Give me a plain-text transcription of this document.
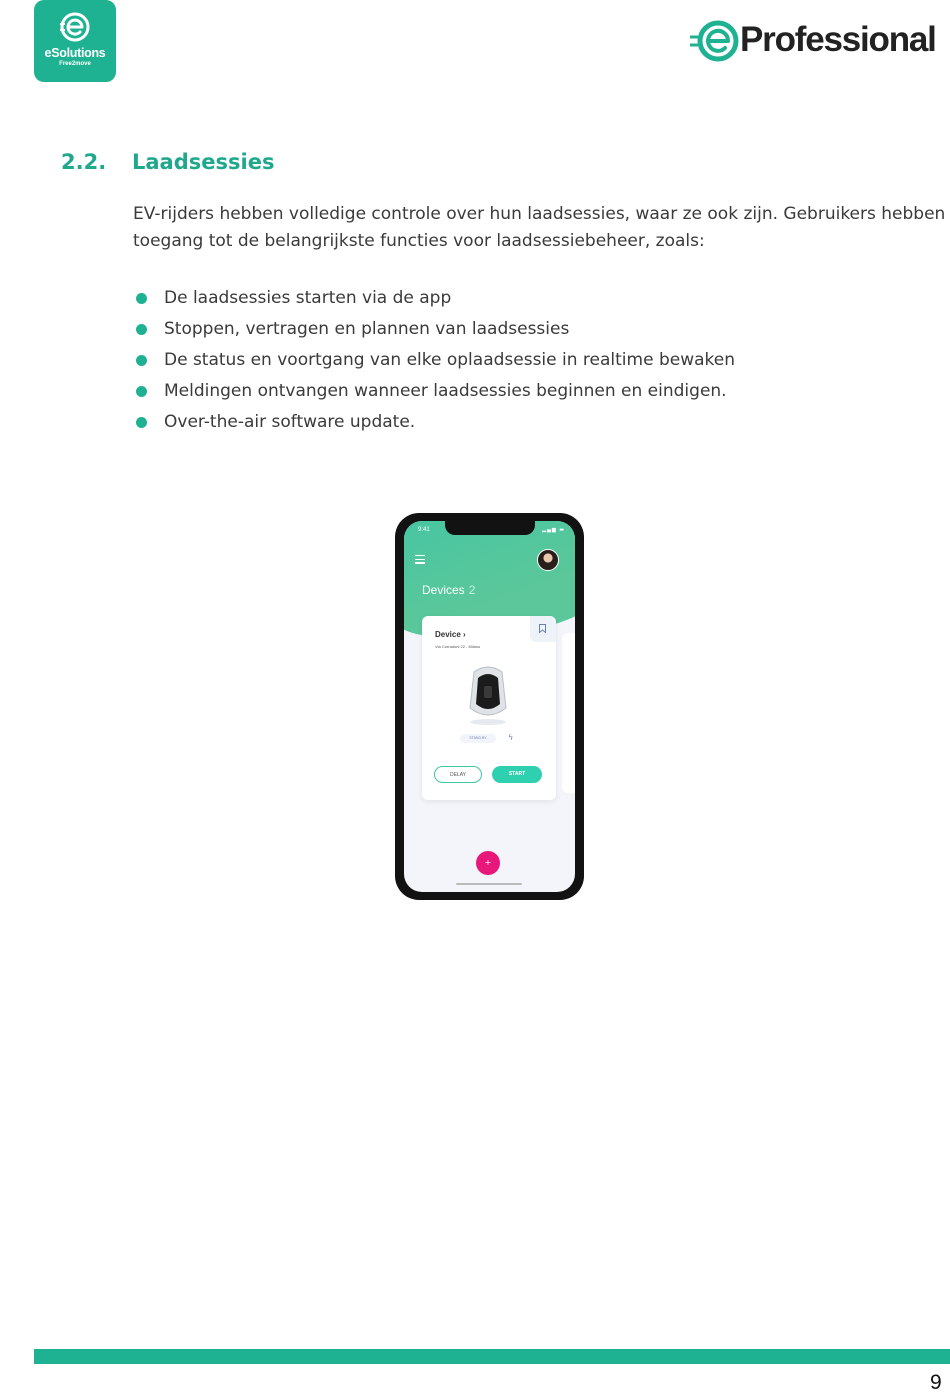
eSolutions
Free2move
Professional
2.2. Laadsessies
EV-rijders hebben volledige controle over hun laadsessies, waar ze ook zijn. Gebruikers hebben toegang tot de belangrijkste functies voor laadsessiebeheer, zoals:
De laadsessies starten via de app
Stoppen, vertragen en plannen van laadsessies
De status en voortgang van elke oplaadsessie in realtime bewaken
Meldingen ontvangen wanneer laadsessies beginnen en eindigen.
Over-the-air software update.
9:41	▂▄▆ ▬
Devices 2
Device ›
Via Corradoni 22 - Milano
STAND BY	ϟ
DELAY	START
+
9
